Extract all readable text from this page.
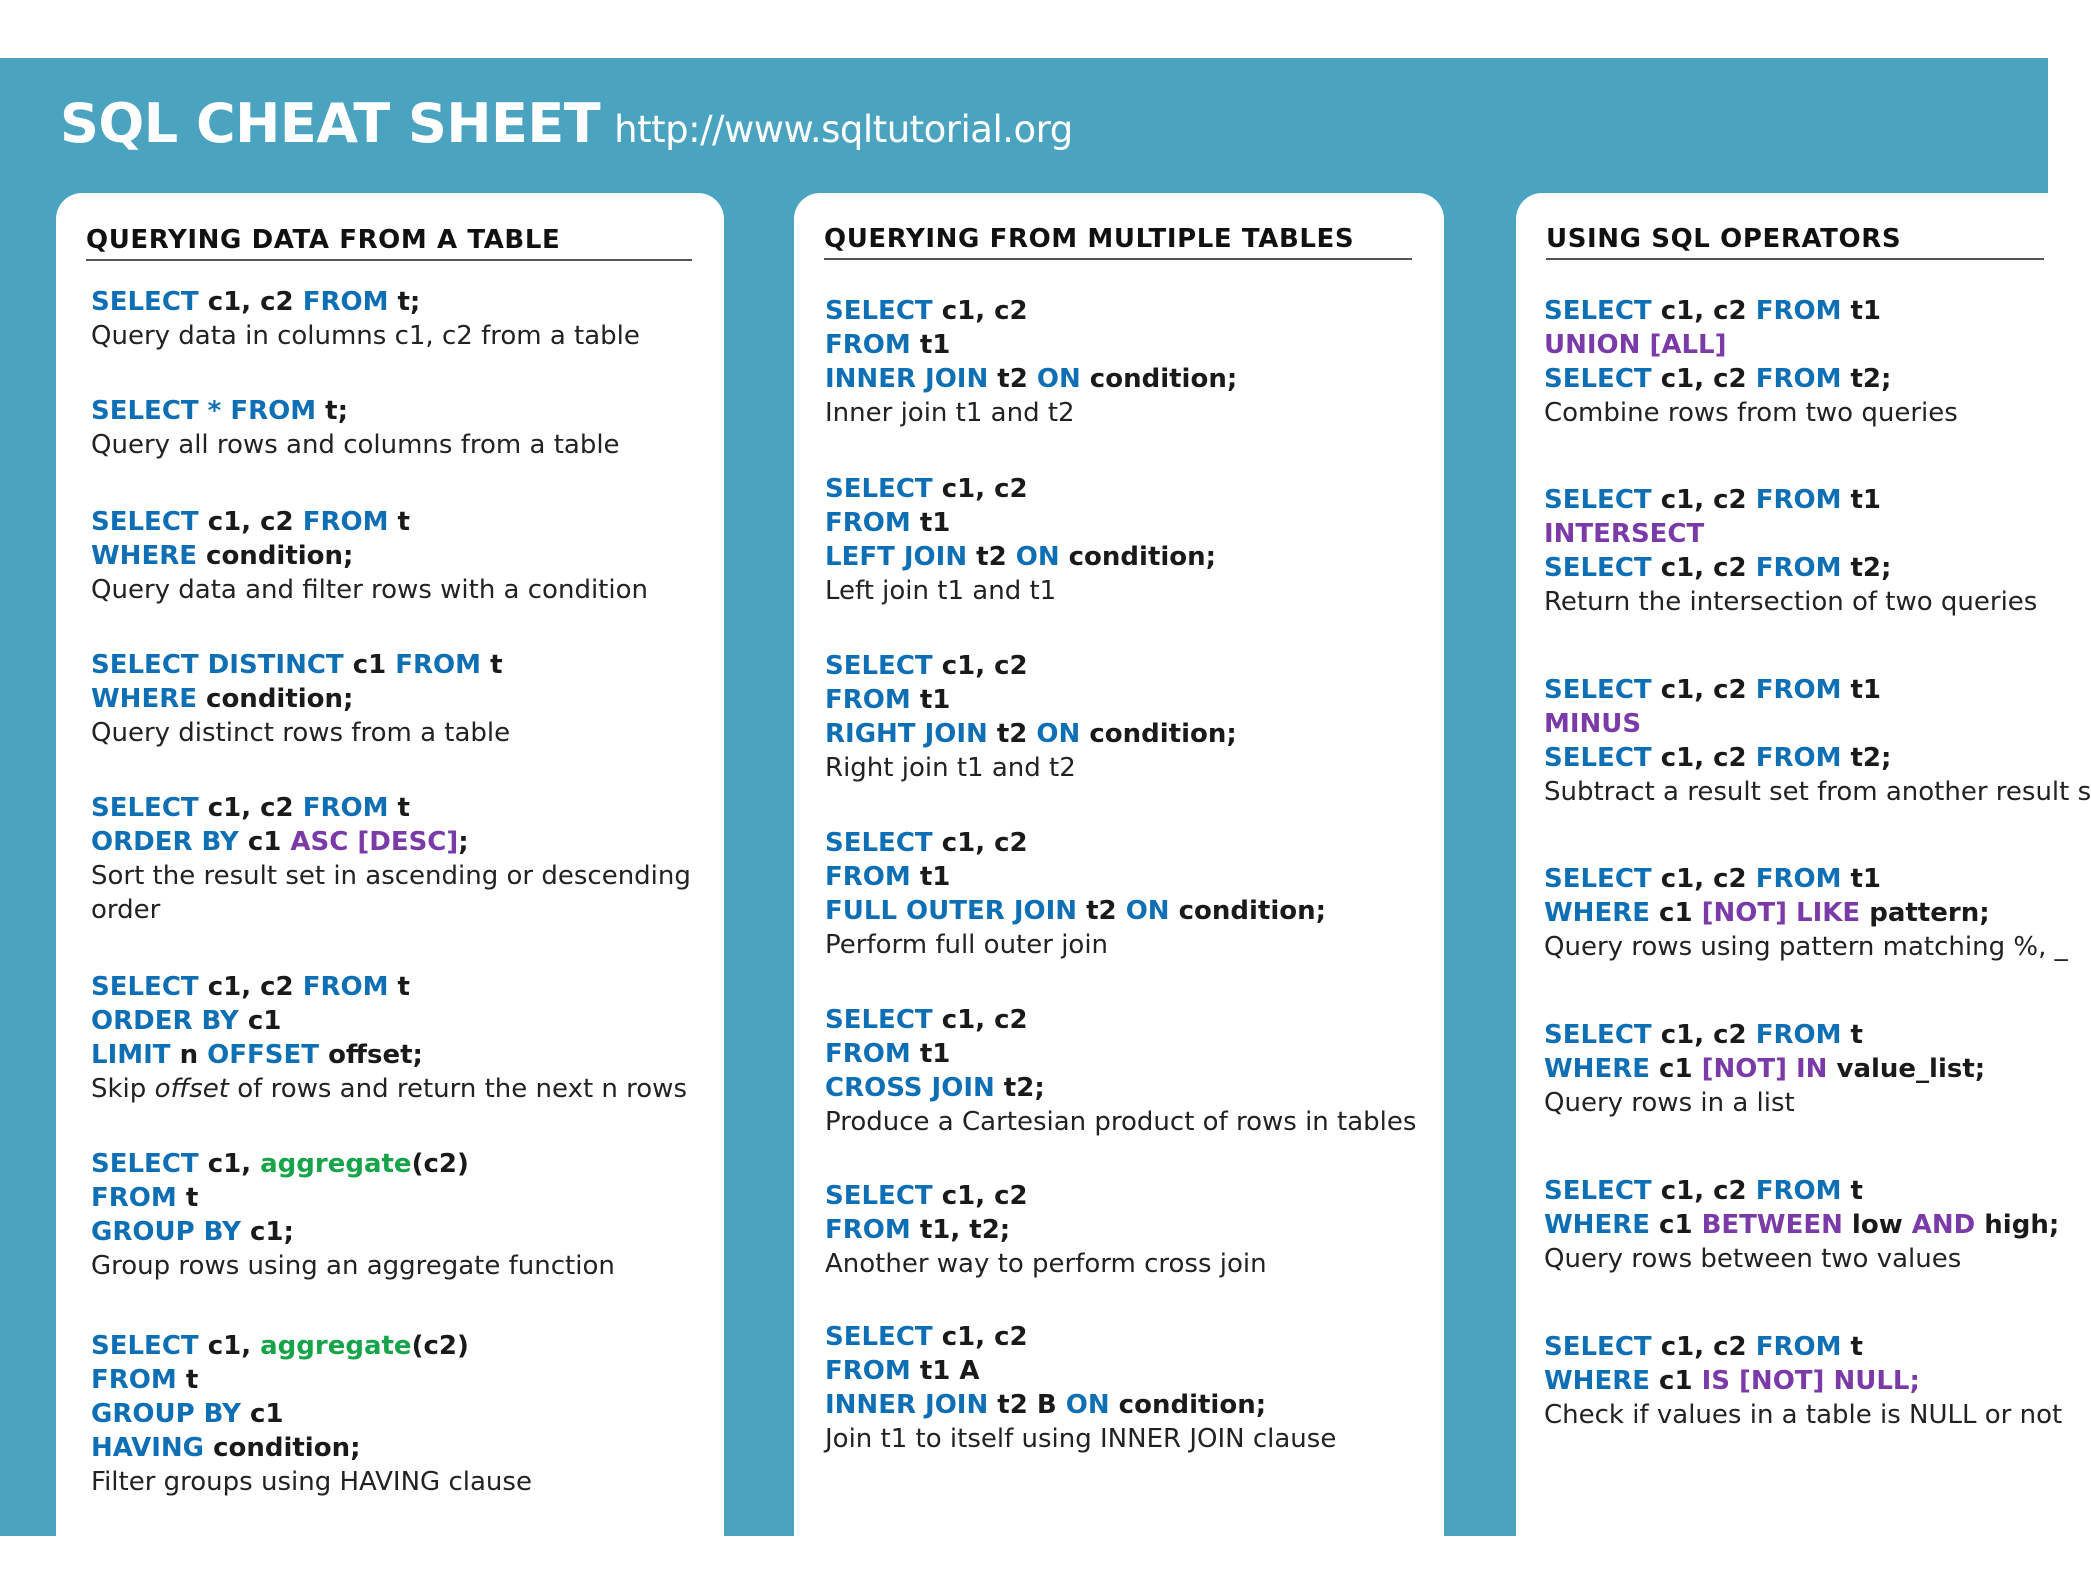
SQL CHEAT SHEET http://www.sqltutorial.org
QUERYING DATA FROM A TABLE
SELECT c1, c2 FROM t;
Query data in columns c1, c2 from a table
SELECT * FROM t;
Query all rows and columns from a table
SELECT c1, c2 FROM t
WHERE condition;
Query data and filter rows with a condition
SELECT DISTINCT c1 FROM t
WHERE condition;
Query distinct rows from a table
SELECT c1, c2 FROM t
ORDER BY c1 ASC [DESC];
Sort the result set in ascending or descending
order
SELECT c1, c2 FROM t
ORDER BY c1
LIMIT n OFFSET offset;
Skip offset of rows and return the next n rows
SELECT c1, aggregate(c2)
FROM t
GROUP BY c1;
Group rows using an aggregate function
SELECT c1, aggregate(c2)
FROM t
GROUP BY c1
HAVING condition;
Filter groups using HAVING clause
QUERYING FROM MULTIPLE TABLES
SELECT c1, c2
FROM t1
INNER JOIN t2 ON condition;
Inner join t1 and t2
SELECT c1, c2
FROM t1
LEFT JOIN t2 ON condition;
Left join t1 and t1
SELECT c1, c2
FROM t1
RIGHT JOIN t2 ON condition;
Right join t1 and t2
SELECT c1, c2
FROM t1
FULL OUTER JOIN t2 ON condition;
Perform full outer join
SELECT c1, c2
FROM t1
CROSS JOIN t2;
Produce a Cartesian product of rows in tables
SELECT c1, c2
FROM t1, t2;
Another way to perform cross join
SELECT c1, c2
FROM t1 A
INNER JOIN t2 B ON condition;
Join t1 to itself using INNER JOIN clause
USING SQL OPERATORS
SELECT c1, c2 FROM t1
UNION [ALL]
SELECT c1, c2 FROM t2;
Combine rows from two queries
SELECT c1, c2 FROM t1
INTERSECT
SELECT c1, c2 FROM t2;
Return the intersection of two queries
SELECT c1, c2 FROM t1
MINUS
SELECT c1, c2 FROM t2;
Subtract a result set from another result s
SELECT c1, c2 FROM t1
WHERE c1 [NOT] LIKE pattern;
Query rows using pattern matching %, _
SELECT c1, c2 FROM t
WHERE c1 [NOT] IN value_list;
Query rows in a list
SELECT c1, c2 FROM t
WHERE c1 BETWEEN low AND high;
Query rows between two values
SELECT c1, c2 FROM t
WHERE c1 IS [NOT] NULL;
Check if values in a table is NULL or not
